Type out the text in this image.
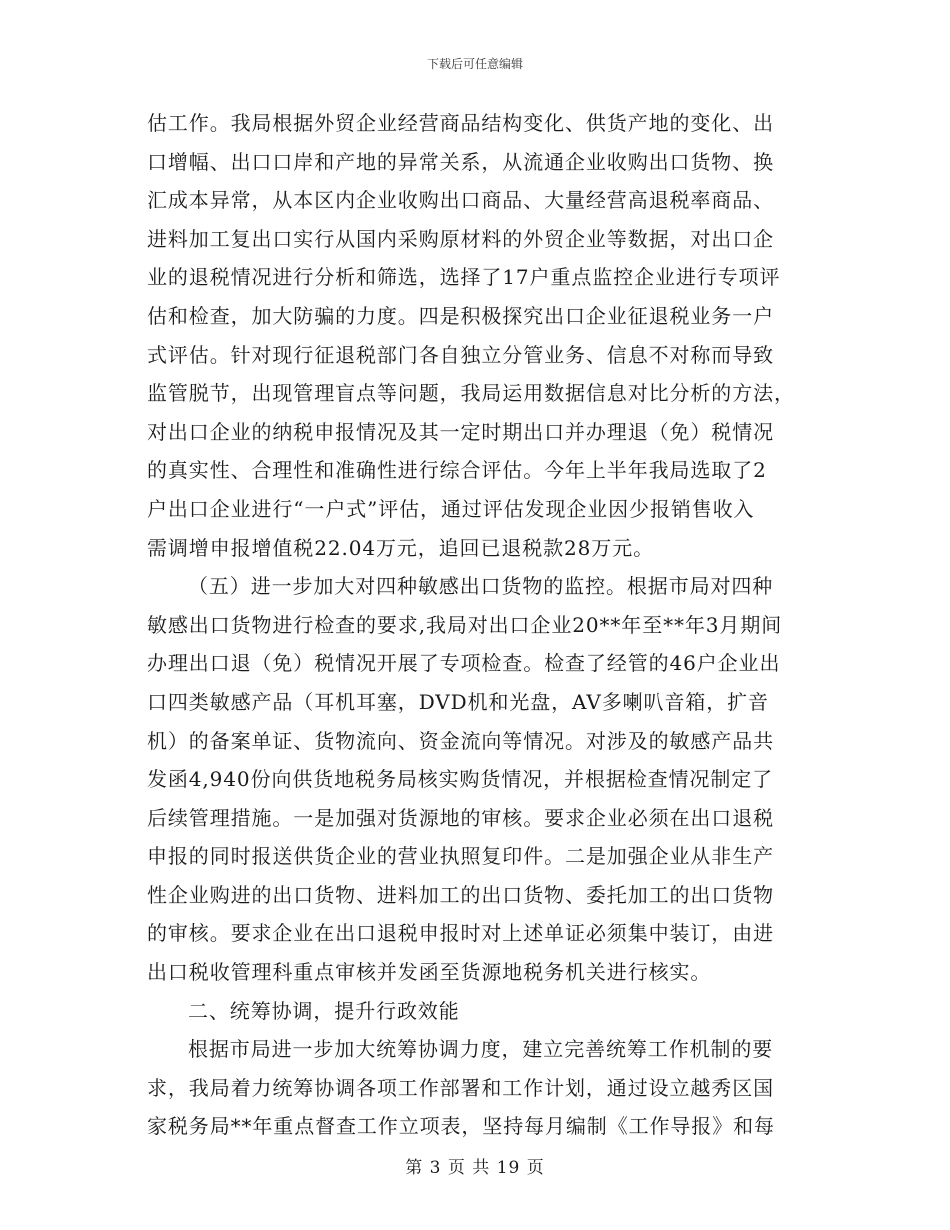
下载后可任意编辑
估工作。我局根据外贸企业经营商品结构变化、供货产地的变化、出
口增幅、出口口岸和产地的异常关系，从流通企业收购出口货物、换
汇成本异常，从本区内企业收购出口商品、大量经营高退税率商品、
进料加工复出口实行从国内采购原材料的外贸企业等数据，对出口企
业的退税情况进行分析和筛选，选择了17户重点监控企业进行专项评
估和检查，加大防骗的力度。四是积极探究出口企业征退税业务一户
式评估。针对现行征退税部门各自独立分管业务、信息不对称而导致
监管脱节，出现管理盲点等问题，我局运用数据信息对比分析的方法，
对出口企业的纳税申报情况及其一定时期出口并办理退（免）税情况
的真实性、合理性和准确性进行综合评估。今年上半年我局选取了2
户出口企业进行“一户式”评估，通过评估发现企业因少报销售收入
需调增申报增值税22.04万元，追回已退税款28万元。
（五）进一步加大对四种敏感出口货物的监控。根据市局对四种
敏感出口货物进行检查的要求,我局对出口企业20**年至**年3月期间
办理出口退（免）税情况开展了专项检查。检查了经管的46户企业出
口四类敏感产品（耳机耳塞，DVD机和光盘，AV多喇叭音箱，扩音
机）的备案单证、货物流向、资金流向等情况。对涉及的敏感产品共
发函4,940份向供货地税务局核实购货情况，并根据检查情况制定了
后续管理措施。一是加强对货源地的审核。要求企业必须在出口退税
申报的同时报送供货企业的营业执照复印件。二是加强企业从非生产
性企业购进的出口货物、进料加工的出口货物、委托加工的出口货物
的审核。要求企业在出口退税申报时对上述单证必须集中装订，由进
出口税收管理科重点审核并发函至货源地税务机关进行核实。
二、统筹协调，提升行政效能
根据市局进一步加大统筹协调力度，建立完善统筹工作机制的要
求，我局着力统筹协调各项工作部署和工作计划，通过设立越秀区国
家税务局**年重点督查工作立项表，坚持每月编制《工作导报》和每
第 3 页 共 19 页
